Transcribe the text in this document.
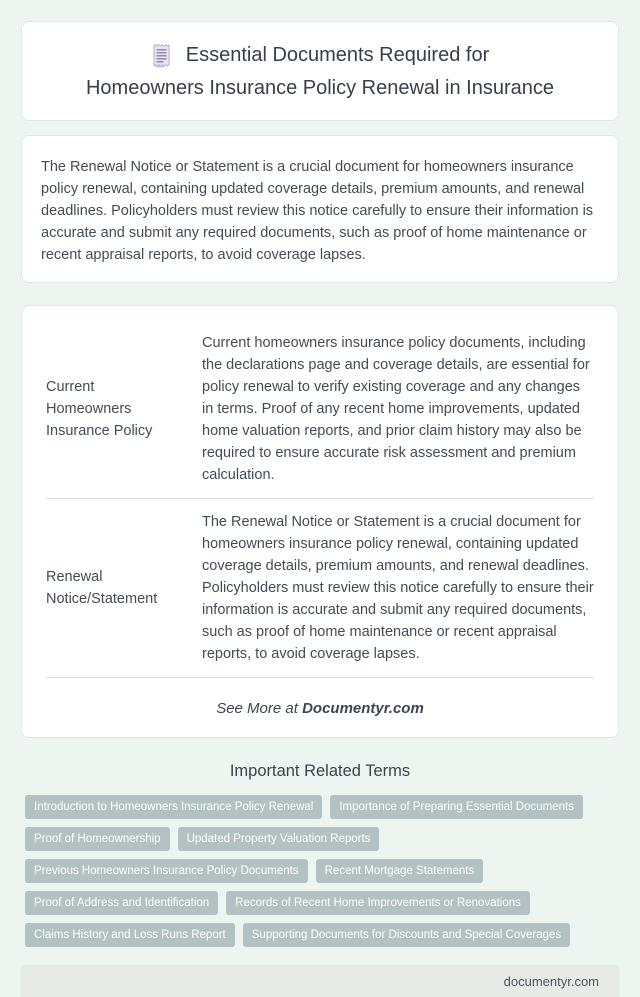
Essential Documents Required for
Homeowners Insurance Policy Renewal in Insurance

The Renewal Notice or Statement is a crucial document for homeowners insurance policy renewal, containing updated coverage details, premium amounts, and renewal deadlines. Policyholders must review this notice carefully to ensure their information is accurate and submit any required documents, such as proof of home maintenance or recent appraisal reports, to avoid coverage lapses.

Current Homeowners Insurance Policy	Current homeowners insurance policy documents, including the declarations page and coverage details, are essential for policy renewal to verify existing coverage and any changes in terms. Proof of any recent home improvements, updated home valuation reports, and prior claim history may also be required to ensure accurate risk assessment and premium calculation.
Renewal Notice/Statement	The Renewal Notice or Statement is a crucial document for homeowners insurance policy renewal, containing updated coverage details, premium amounts, and renewal deadlines. Policyholders must review this notice carefully to ensure their information is accurate and submit any required documents, such as proof of home maintenance or recent appraisal reports, to avoid coverage lapses.

See More at Documentyr.com

Important Related Terms
Introduction to Homeowners Insurance Policy Renewal	Importance of Preparing Essential Documents
Proof of Homeownership	Updated Property Valuation Reports
Previous Homeowners Insurance Policy Documents	Recent Mortgage Statements
Proof of Address and Identification	Records of Recent Home Improvements or Renovations
Claims History and Loss Runs Report	Supporting Documents for Discounts and Special Coverages
documentyr.com
